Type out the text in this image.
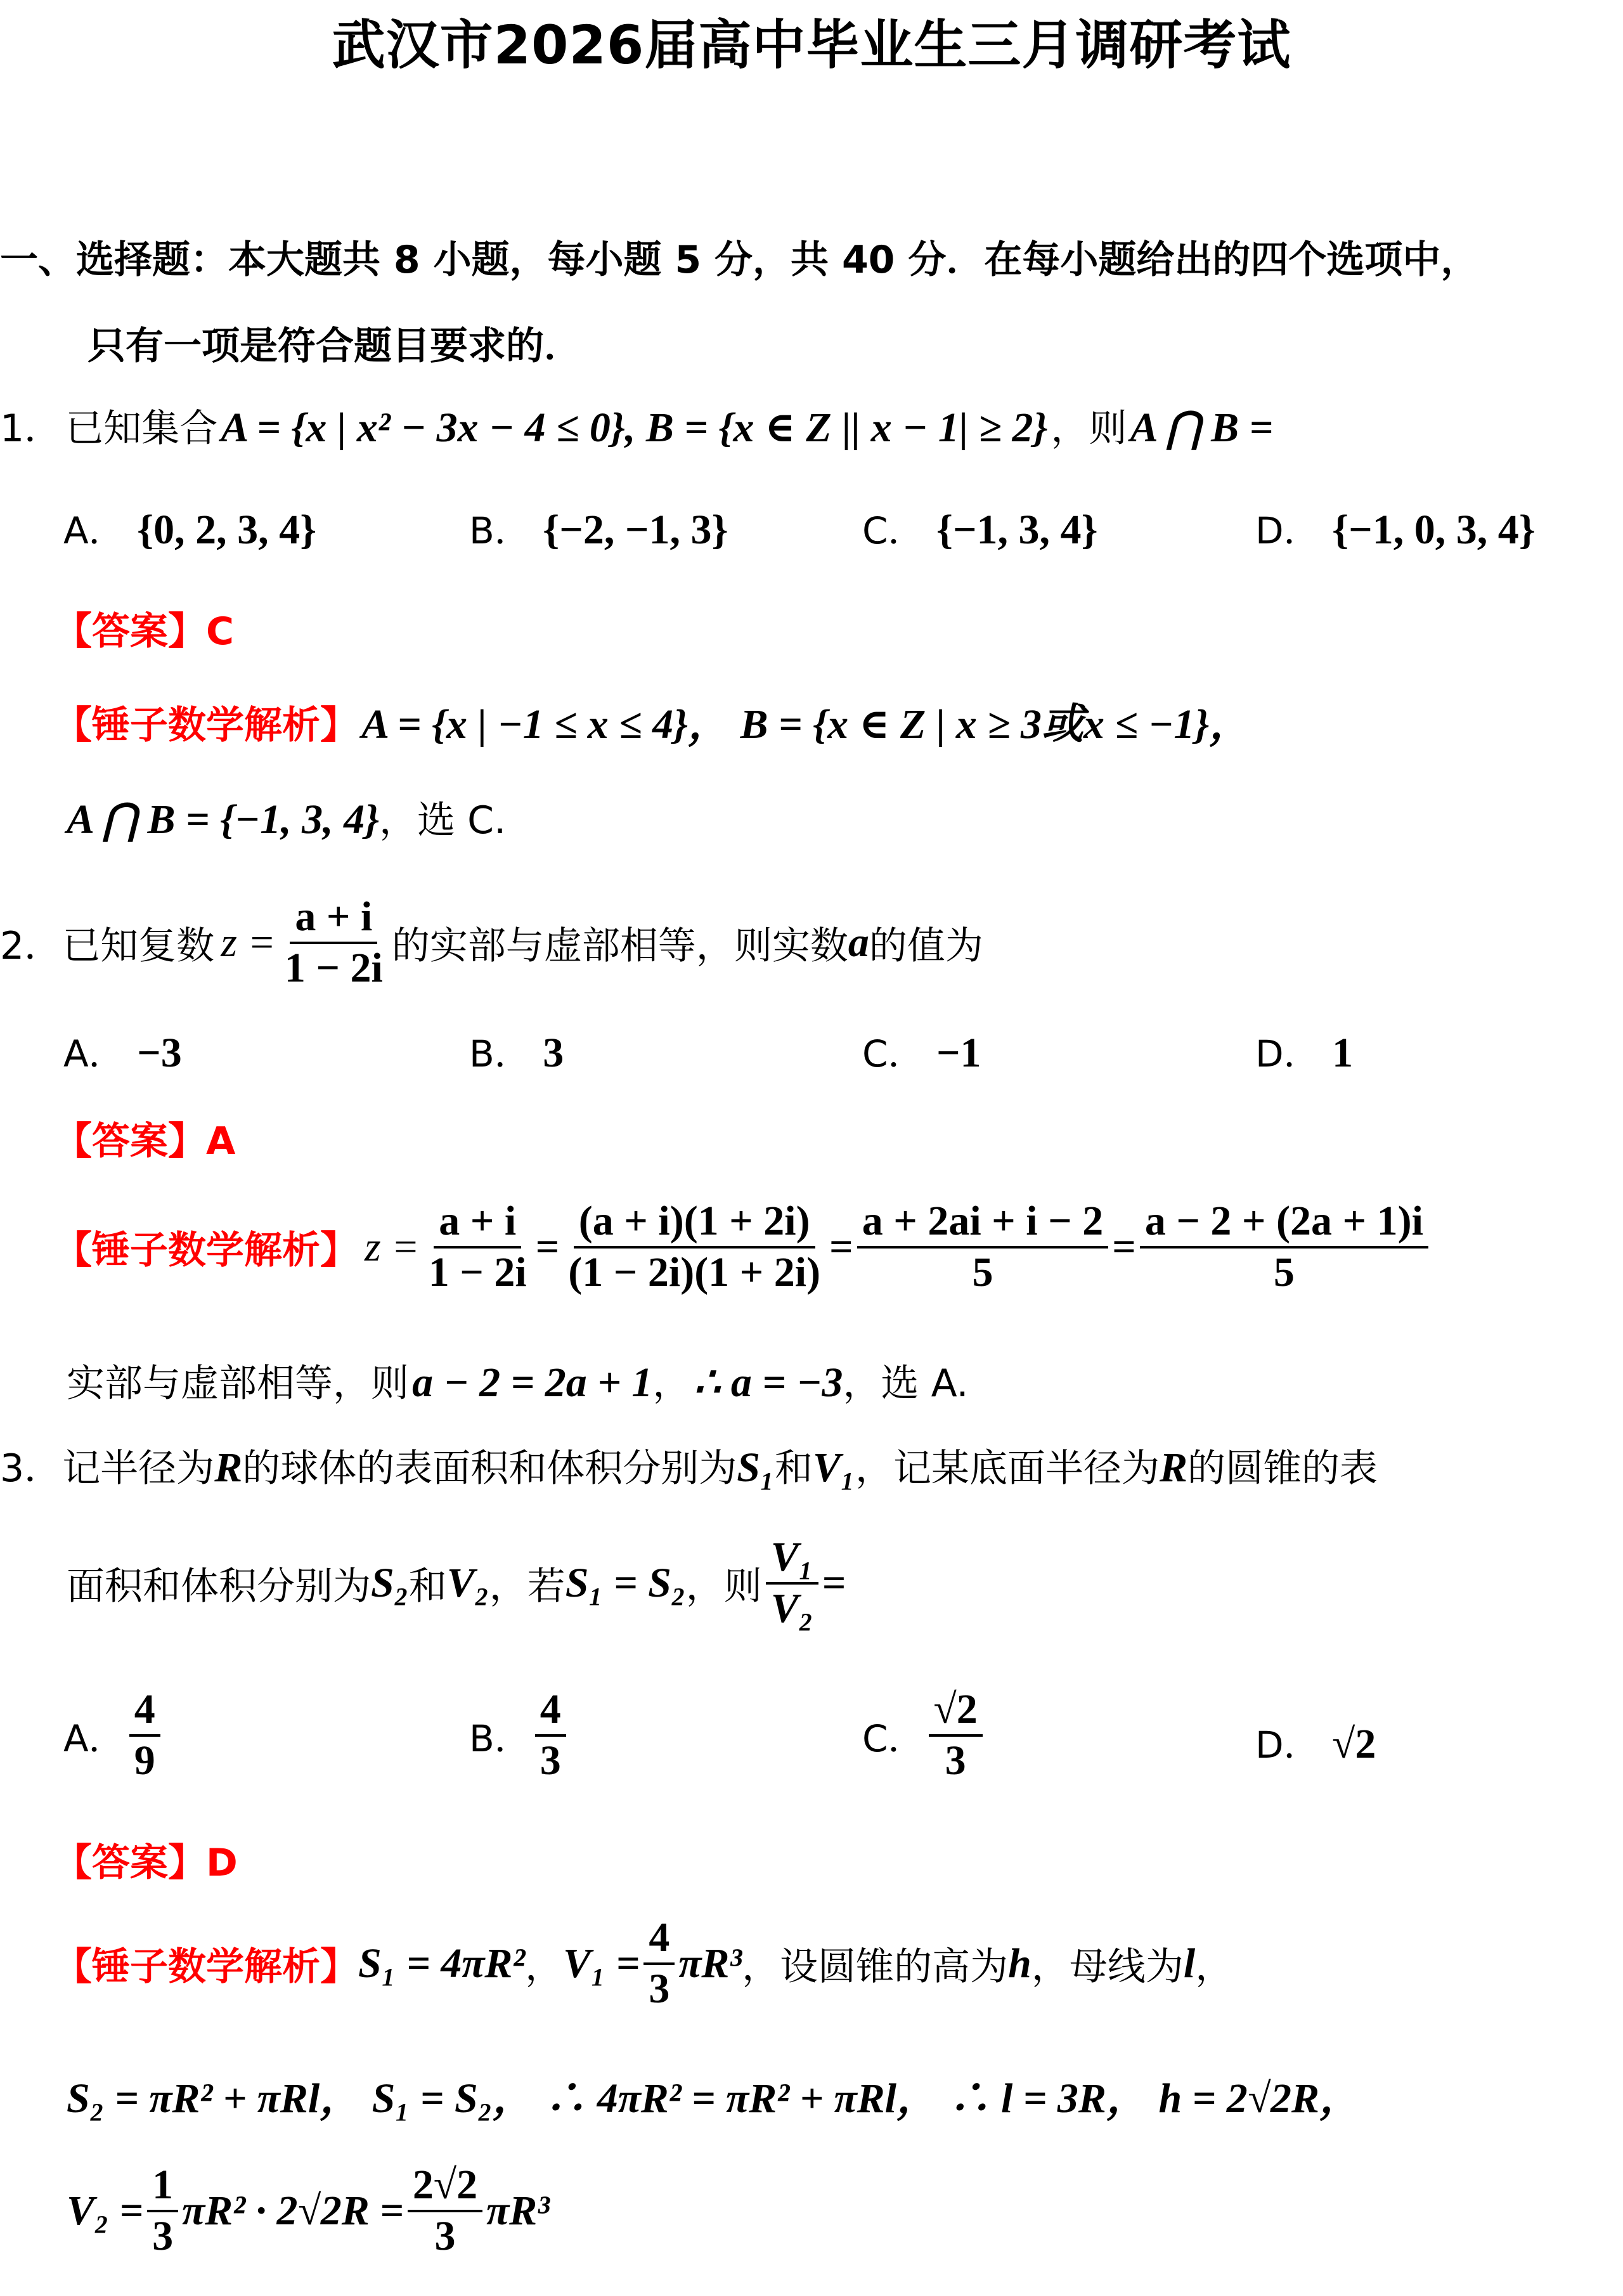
武汉市2026届高中毕业生三月调研考试
一、选择题：本大题共 8 小题，每小题 5 分，共 40 分．在每小题给出的四个选项中，
只有一项是符合题目要求的．
1． 已知集合 A = {x | x² − 3x − 4 ≤ 0}, B = {x ∈ Z || x − 1| ≥ 2} ，则 A ⋂ B =
A． {0, 2, 3, 4}	B． {−2, −1, 3}	C． {−1, 3, 4}	D． {−1, 0, 3, 4}
【答案】C
【锤子数学解析】 A = {x | −1 ≤ x ≤ 4}， B = {x ∈ Z | x ≥ 3或x ≤ −1}，
A ⋂ B = {−1, 3, 4}，选 C.
2． 已知复数 $z = \frac{a + i}{1 - 2i}$ 的实部与虚部相等，则实数 a 的值为
A． −3	B． 3	C． −1	D． 1
【答案】A
【锤子数学解析】 $z = \frac{a + i}{1 - 2i} = \frac{(a + i)(1 + 2i)}{(1 - 2i)(1 + 2i)} = \frac{a + 2ai + i - 2}{5} = \frac{a - 2 + (2a + 1)i}{5}$
实部与虚部相等，则 a − 2 = 2a + 1， ∴ a = −3，选 A.
3．记半径为R的球体的表面积和体积分别为S₁和V₁，记某底面半径为R的圆锥的表
面积和体积分别为 S₂ 和 V₂ ，若 S₁ = S₂ ，则 $\frac{\text{V₁}}{\text{V₂}}$ =
A． $\frac{4}{9}$	B． $\frac{4}{3}$	C． $\frac{√2}{3}$	D． √2
【答案】D
【锤子数学解析】 S₁ = 4πR² ， $V_1 = \frac{4}{3} \pi R^3$ ，设圆锥的高为 h ，母线为 l ，
S₂ = πR² + πRl， S₁ = S₂， ∴ 4πR² = πR² + πRl， ∴ l = 3R， h = 2√2R，
$V_2 = \frac{1}{3} \pi R^2 \cdot 2√2R = \frac{2√2}{3} \pi R^3$
